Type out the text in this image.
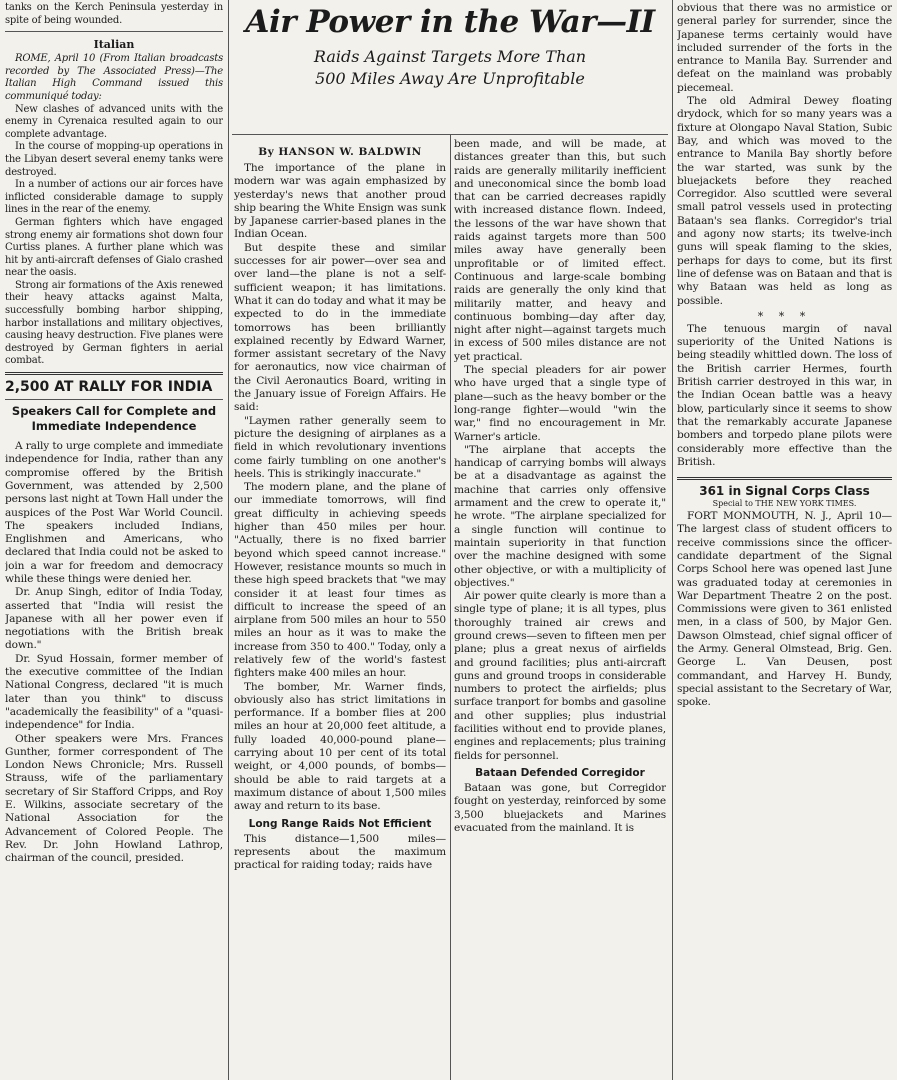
tanks on the Kerch Peninsula yesterday in spite of being wounded.

Italian

ROME, April 10 (From Italian broadcasts recorded by The Associated Press)—The Italian High Command issued this communiqué today:

New clashes of advanced units with the enemy in Cyrenaica resulted again to our complete advantage.

In the course of mopping-up operations in the Libyan desert several enemy tanks were destroyed.

In a number of actions our air forces have inflicted considerable damage to supply lines in the rear of the enemy.

German fighters which have engaged strong enemy air formations shot down four Curtiss planes. A further plane which was hit by anti-aircraft defenses of Gialo crashed near the oasis.

Strong air formations of the Axis renewed their heavy attacks against Malta, successfully bombing harbor shipping, harbor installations and military objectives, causing heavy destruction. Five planes were destroyed by German fighters in aerial combat.

2,500 AT RALLY FOR INDIA
Speakers Call for Complete and Immediate Independence

A rally to urge complete and immediate independence for India, rather than any compromise offered by the British Government, was attended by 2,500 persons last night at Town Hall under the auspices of the Post War World Council. The speakers included Indians, Englishmen and Americans, who declared that India could not be asked to join a war for freedom and democracy while these things were denied her.

Dr. Anup Singh, editor of India Today, asserted that "India will resist the Japanese with all her power even if negotiations with the British break down."

Dr. Syud Hossain, former member of the executive committee of the Indian National Congress, declared "it is much later than you think" to discuss "academically the feasibility" of a "quasi-independence" for India.

Other speakers were Mrs. Frances Gunther, former correspondent of The London News Chronicle; Mrs. Russell Strauss, wife of the parliamentary secretary of Sir Stafford Cripps, and Roy E. Wilkins, associate secretary of the National Association for the Advancement of Colored People. The Rev. Dr. John Howland Lathrop, chairman of the council, presided.

Air Power in the War—II
Raids Against Targets More Than
500 Miles Away Are Unprofitable
By HANSON W. BALDWIN

The importance of the plane in modern war was again emphasized by yesterday's news that another proud ship bearing the White Ensign was sunk by Japanese carrier-based planes in the Indian Ocean.

But despite these and similar successes for air power—over sea and over land—the plane is not a self-sufficient weapon; it has limitations. What it can do today and what it may be expected to do in the immediate tomorrows has been brilliantly explained recently by Edward Warner, former assistant secretary of the Navy for aeronautics, now vice chairman of the Civil Aeronautics Board, writing in the January issue of Foreign Affairs. He said:

"Laymen rather generally seem to picture the designing of airplanes as a field in which revolutionary inventions come fairly tumbling on one another's heels. This is strikingly inaccurate."

The modern plane, and the plane of our immediate tomorrows, will find great difficulty in achieving speeds higher than 450 miles per hour. "Actually, there is no fixed barrier beyond which speed cannot increase." However, resistance mounts so much in these high speed brackets that "we may consider it at least four times as difficult to increase the speed of an airplane from 500 miles an hour to 550 miles an hour as it was to make the increase from 350 to 400." Today, only a relatively few of the world's fastest fighters make 400 miles an hour.

The bomber, Mr. Warner finds, obviously also has strict limitations in performance. If a bomber flies at 200 miles an hour at 20,000 feet altitude, a fully loaded 40,000-pound plane—carrying about 10 per cent of its total weight, or 4,000 pounds, of bombs—should be able to raid targets at a maximum distance of about 1,500 miles away and return to its base.

Long Range Raids Not Efficient

This distance—1,500 miles—represents about the maximum practical for raiding today; raids have

been made, and will be made, at distances greater than this, but such raids are generally militarily inefficient and uneconomical since the bomb load that can be carried decreases rapidly with increased distance flown. Indeed, the lessons of the war have shown that raids against targets more than 500 miles away have generally been unprofitable or of limited effect. Continuous and large-scale bombing raids are generally the only kind that militarily matter, and heavy and continuous bombing—day after day, night after night—against targets much in excess of 500 miles distance are not yet practical.

The special pleaders for air power who have urged that a single type of plane—such as the heavy bomber or the long-range fighter—would "win the war," find no encouragement in Mr. Warner's article.

"The airplane that accepts the handicap of carrying bombs will always be at a disadvantage as against the machine that carries only offensive armament and the crew to operate it," he wrote. "The airplane specialized for a single function will continue to maintain superiority in that function over the machine designed with some other objective, or with a multiplicity of objectives."

Air power quite clearly is more than a single type of plane; it is all types, plus thoroughly trained air crews and ground crews—seven to fifteen men per plane; plus a great nexus of airfields and ground facilities; plus anti-aircraft guns and ground troops in considerable numbers to protect the airfields; plus surface tranport for bombs and gasoline and other supplies; plus industrial facilities without end to provide planes, engines and replacements; plus training fields for personnel.

Bataan Defended Corregidor

Bataan was gone, but Corregidor fought on yesterday, reinforced by some 3,500 bluejackets and Marines evacuated from the mainland. It is

obvious that there was no armistice or general parley for surrender, since the Japanese terms certainly would have included surrender of the forts in the entrance to Manila Bay. Surrender and defeat on the mainland was probably piecemeal.

The old Admiral Dewey floating drydock, which for so many years was a fixture at Olongapo Naval Station, Subic Bay, and which was moved to the entrance to Manila Bay shortly before the war started, was sunk by the bluejackets before they reached Corregidor. Also scuttled were several small patrol vessels used in protecting Bataan's sea flanks. Corregidor's trial and agony now starts; its twelve-inch guns will speak flaming to the skies, perhaps for days to come, but its first line of defense was on Bataan and that is why Bataan was held as long as possible.

* * *

The tenuous margin of naval superiority of the United Nations is being steadily whittled down. The loss of the British carrier Hermes, fourth British carrier destroyed in this war, in the Indian Ocean battle was a heavy blow, particularly since it seems to show that the remarkably accurate Japanese bombers and torpedo plane pilots were considerably more effective than the British.

361 in Signal Corps Class
Special to THE NEW YORK TIMES.

FORT MONMOUTH, N. J., April 10—The largest class of student officers to receive commissions since the officer-candidate department of the Signal Corps School here was opened last June was graduated today at ceremonies in War Department Theatre 2 on the post. Commissions were given to 361 enlisted men, in a class of 500, by Major Gen. Dawson Olmstead, chief signal officer of the Army. General Olmstead, Brig. Gen. George L. Van Deusen, post commandant, and Harvey H. Bundy, special assistant to the Secretary of War, spoke.
